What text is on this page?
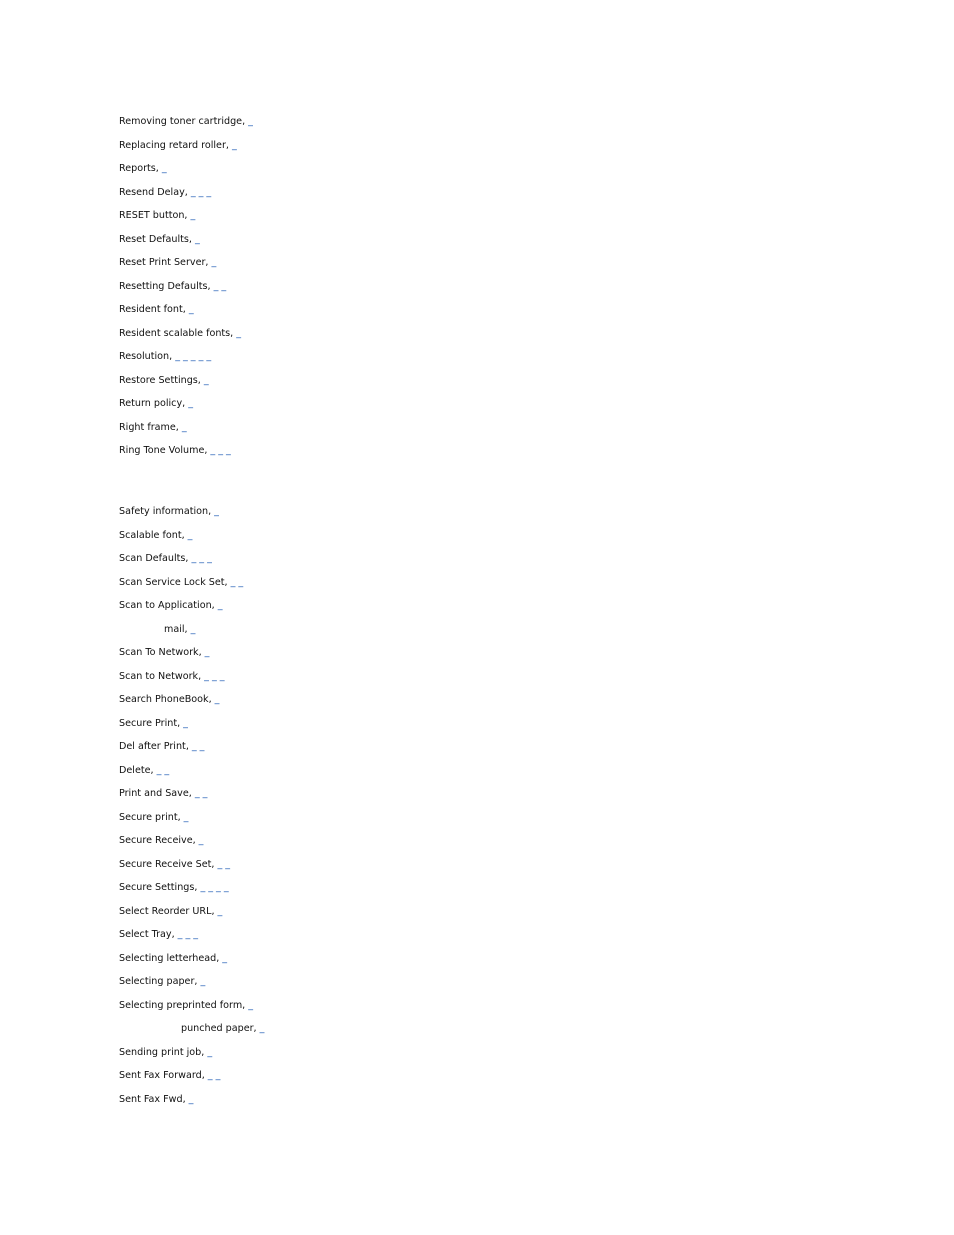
Removing toner cartridge, _
Replacing retard roller, _
Reports, _
Resend Delay, _ _ _
RESET button, _
Reset Defaults, _
Reset Print Server, _
Resetting Defaults, _ _
Resident font, _
Resident scalable fonts, _
Resolution, _ _ _ _ _
Restore Settings, _
Return policy, _
Right frame, _
Ring Tone Volume, _ _ _
Safety information, _
Scalable font, _
Scan Defaults, _ _ _
Scan Service Lock Set, _ _
Scan to Application, _
mail, _
Scan To Network, _
Scan to Network, _ _ _
Search PhoneBook, _
Secure Print, _
Del after Print, _ _
Delete, _ _
Print and Save, _ _
Secure print, _
Secure Receive, _
Secure Receive Set, _ _
Secure Settings, _ _ _ _
Select Reorder URL, _
Select Tray, _ _ _
Selecting letterhead, _
Selecting paper, _
Selecting preprinted form, _
punched paper, _
Sending print job, _
Sent Fax Forward, _ _
Sent Fax Fwd, _
